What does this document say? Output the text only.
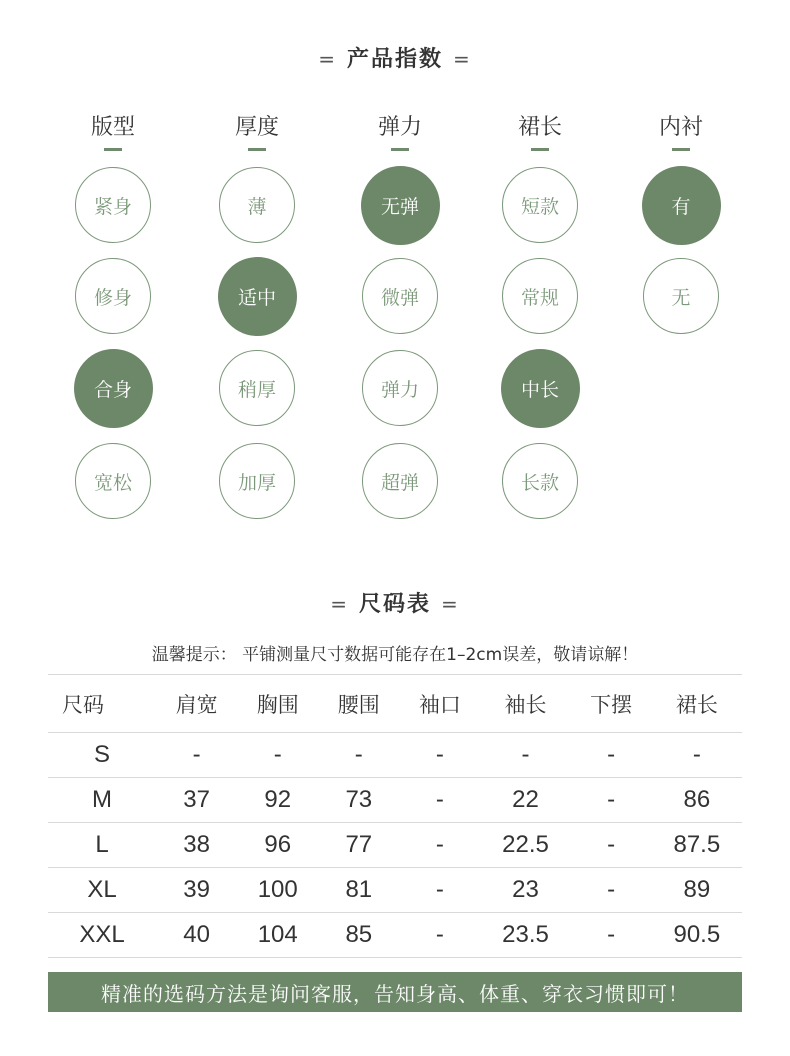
= 产品指数 =
版型
紧身
修身
合身
宽松
厚度
薄
适中
稍厚
加厚
弹力
无弹
微弹
弹力
超弹
裙长
短款
常规
中长
长款
内衬
有
无
= 尺码表 =
温馨提示： 平铺测量尺寸数据可能存在1–2cm误差，敬请谅解！
尺码	肩宽	胸围	腰围	袖口	袖长	下摆	裙长
S	-	-	-	-	-	-	-
M	37	92	73	-	22	-	86
L	38	96	77	-	22.5	-	87.5
XL	39	100	81	-	23	-	89
XXL	40	104	85	-	23.5	-	90.5
精准的选码方法是询问客服，告知身高、体重、穿衣习惯即可！
